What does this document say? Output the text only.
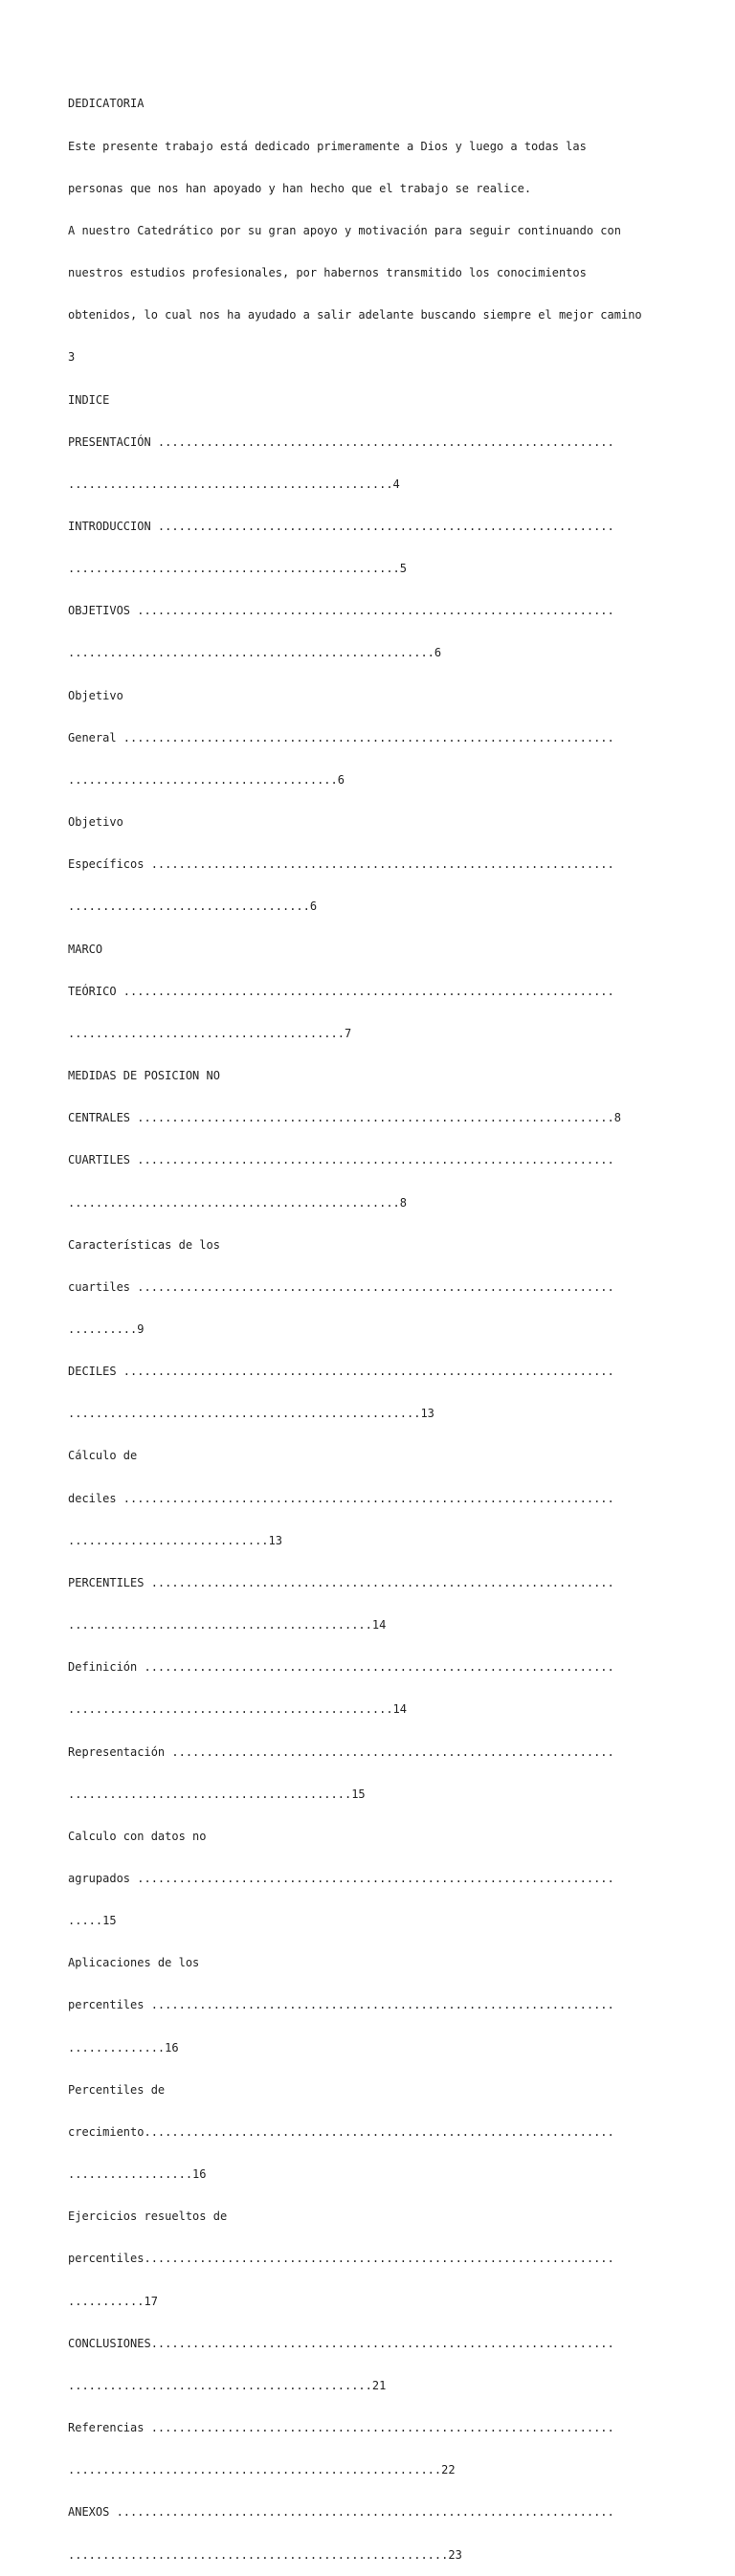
DEDICATORIA

Este presente trabajo está dedicado primeramente a Dios y luego a todas las

personas que nos han apoyado y han hecho que el trabajo se realice.

A nuestro Catedrático por su gran apoyo y motivación para seguir continuando con

nuestros estudios profesionales, por habernos transmitido los conocimientos

obtenidos, lo cual nos ha ayudado a salir adelante buscando siempre el mejor camino

3

INDICE

PRESENTACIÓN ..................................................................

...............................................4

INTRODUCCION ..................................................................

................................................5

OBJETIVOS .....................................................................

.....................................................6

Objetivo

General .......................................................................

.......................................6

Objetivo

Específicos ...................................................................

...................................6

MARCO

TEÓRICO .......................................................................

........................................7

MEDIDAS DE POSICION NO

CENTRALES .....................................................................8

CUARTILES .....................................................................

................................................8

Características de los

cuartiles .....................................................................

..........9

DECILES .......................................................................

...................................................13

Cálculo de

deciles .......................................................................

.............................13

PERCENTILES ...................................................................

............................................14

Definición ....................................................................

...............................................14

Representación ................................................................

.........................................15

Calculo con datos no

agrupados .....................................................................

.....15

Aplicaciones de los

percentiles ...................................................................

..............16

Percentiles de

crecimiento....................................................................

..................16

Ejercicios resueltos de

percentiles....................................................................

...........17

CONCLUSIONES...................................................................

............................................21

Referencias ...................................................................

......................................................22

ANEXOS ........................................................................

.......................................................23
